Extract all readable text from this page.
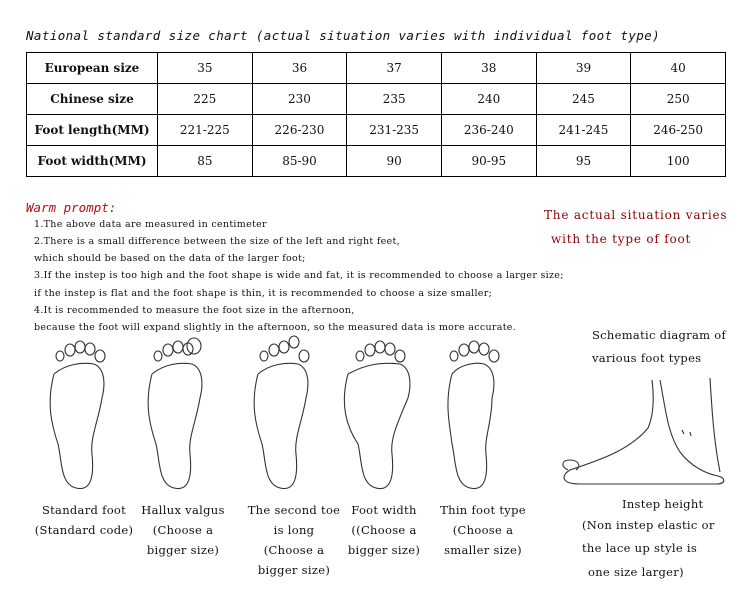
National standard size chart (actual situation varies with individual foot type)
European size	35	36	37	38	39	40
Chinese size	225	230	235	240	245	250
Foot length(MM)	221-225	226-230	231-235	236-240	241-245	246-250
Foot width(MM)	85	85-90	90	90-95	95	100
Warm prompt:
1.The above data are measured in centimeter
2.There is a small difference between the size of the left and right feet,
which should be based on the data of the larger foot;
3.If the instep is too high and the foot shape is wide and fat, it is recommended to choose a larger size;
if the instep is flat and the foot shape is thin, it is recommended to choose a size smaller;
4.It is recommended to measure the foot size in the afternoon,
because the foot will expand slightly in the afternoon, so the measured data is more accurate.
The actual situation varies
with the type of foot
Schematic diagram of
various foot types
Standard foot
(Standard code)
Hallux valgus
(Choose a
bigger size)
The second toe
is long
(Choose a
bigger size)
Foot width
((Choose a
bigger size)
Thin foot type
(Choose a
smaller size)
Instep height
(Non instep elastic or
the lace up style is
one size larger)
